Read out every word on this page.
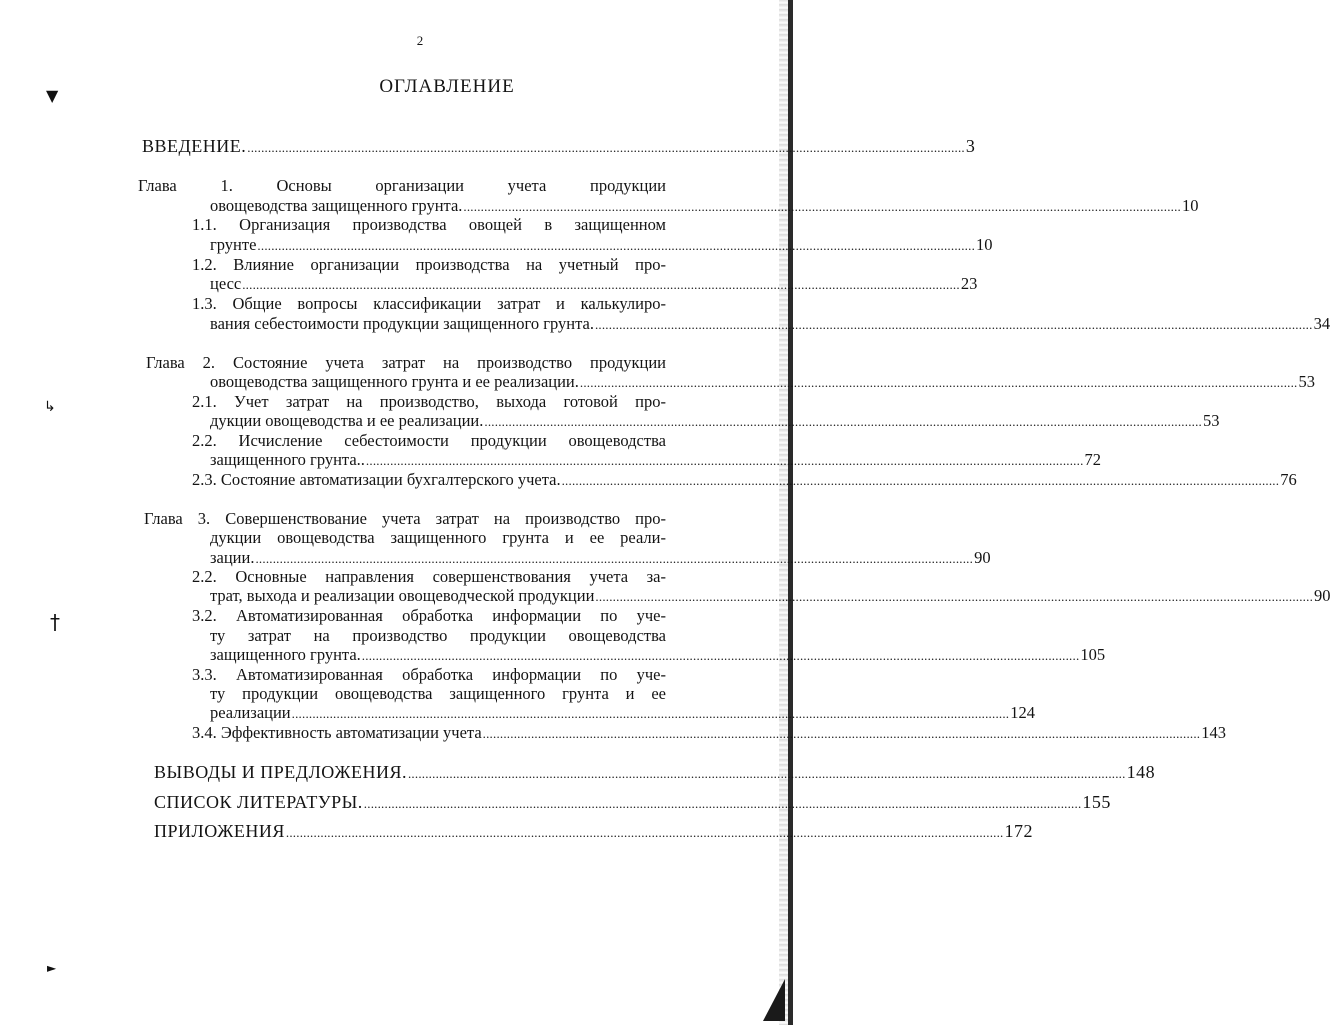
▼
↳
†
►
2
ОГЛАВЛЕНИЕ
ВВЕДЕНИЕ. ................................................................................................................................................................................................................ 3
Глава 1. Основы организации учета продукции
овощеводства защищенного грунта. ................................................................................................................................................................................................................ 10
1.1. Организация производства овощей в защищенном
грунте ................................................................................................................................................................................................................ 10
1.2. Влияние организации производства на учетный про-
цесс ................................................................................................................................................................................................................ 23
1.3. Общие вопросы классификации затрат и калькулиро-
вания себестоимости продукции защищенного грунта. ................................................................................................................................................................................................................ 34
Глава 2. Состояние учета затрат на производство продукции
овощеводства защищенного грунта и ее реализации. ................................................................................................................................................................................................................ 53
2.1. Учет затрат на производство, выхода готовой про-
дукции овощеводства и ее реализации. ................................................................................................................................................................................................................ 53
2.2. Исчисление себестоимости продукции овощеводства
защищенного грунта.. ................................................................................................................................................................................................................ 72
2.3. Состояние автоматизации бухгалтерского учета. ................................................................................................................................................................................................................ 76
Глава 3. Совершенствование учета затрат на производство про-
дукции овощеводства защищенного грунта и ее реали-
зации. ................................................................................................................................................................................................................ 90
2.2. Основные направления совершенствования учета за-
трат, выхода и реализации овощеводческой продукции ................................................................................................................................................................................................................ 90
3.2. Автоматизированная обработка информации по уче-
ту затрат на производство продукции овощеводства
защищенного грунта. ................................................................................................................................................................................................................ 105
3.3. Автоматизированная обработка информации по уче-
ту продукции овощеводства защищенного грунта и ее
реализации ................................................................................................................................................................................................................ 124
3.4. Эффективность автоматизации учета ................................................................................................................................................................................................................ 143
ВЫВОДЫ И ПРЕДЛОЖЕНИЯ. ................................................................................................................................................................................................................ 148
СПИСОК ЛИТЕРАТУРЫ. ................................................................................................................................................................................................................ 155
ПРИЛОЖЕНИЯ ................................................................................................................................................................................................................ 172
